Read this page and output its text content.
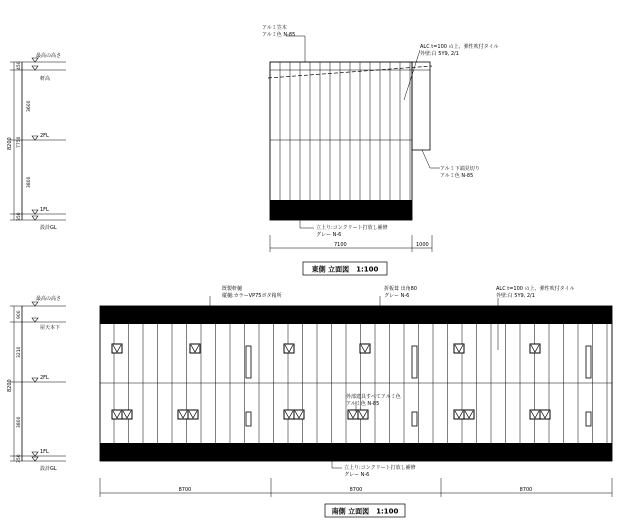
最高の高さ
軒高
2FL
1FL
設計GL
8200
450
3600
7750
3800
350
アルミ笠木
アルミ色 N-85
ALC t=100 の上、弾性吹付タイル
外壁:白 5Y9, 2/1
アルミ下端見切り
アルミ色 N-85
立上り:コンクリート打放し補修
グレー N-6
7100	1000
東側 立面図　1:100
最高の高さ
屋天本下
2FL
1FL
設計GL
8200
900
3210
3800
350
既製軒樋
縦樋:カラーVP75ボタ箱所
折板葺 出角80
グレー N-6
ALC t=100 の上、弾性吹付タイル
外壁:白 5Y9, 2/1
外部建具すべてアルミ色
アルミ色 N-85
立上り:コンクリート打放し補修
グレー N-6
8700	8700	8700
南側 立面図　1:100
